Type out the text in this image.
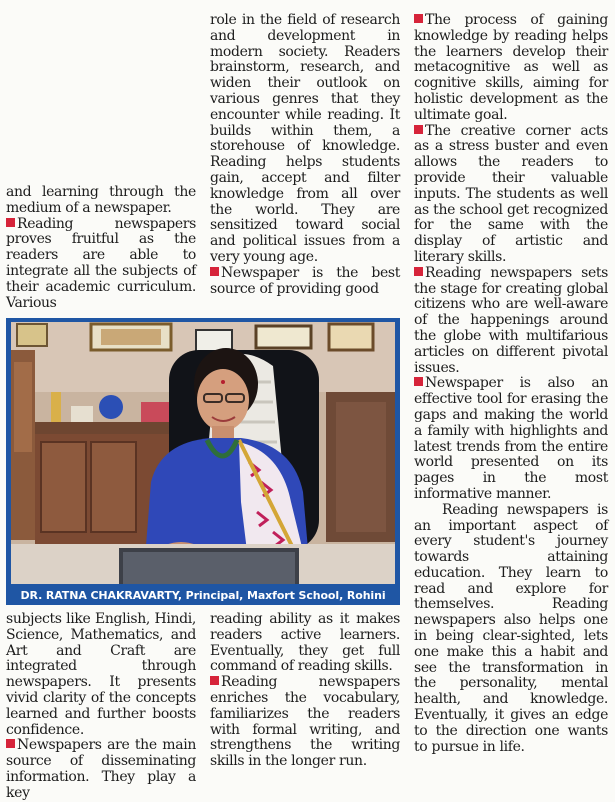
and learning through the medium of a newspaper.

Reading newspapers proves fruitful as the readers are able to integrate all the subjects of their academic curriculum. Various

role in the field of research and development in modern society. Readers brainstorm, research, and widen their outlook on various genres that they encounter while reading. It builds within them, a storehouse of knowledge. Reading helps students gain, accept and filter knowledge from all over the world. They are sensitized toward social and political issues from a very young age.

Newspaper is the best source of providing good

The process of gaining knowledge by reading helps the learners develop their metacognitive as well as cognitive skills, aiming for holistic development as the ultimate goal.

The creative corner acts as a stress buster and even allows the readers to provide their valuable inputs. The students as well as the school get recognized for the same with the display of artistic and literary skills.

Reading newspapers sets the stage for creating global citizens who are well-aware of the happenings around the globe with multifarious articles on different pivotal issues.

Newspaper is also an effective tool for erasing the gaps and making the world a family with highlights and latest trends from the entire world presented on its pages in the most informative manner.

Reading newspapers is an important aspect of every student's journey towards attaining education. They learn to read and explore for themselves. Reading newspapers also helps one in being clear-sighted, lets one make this a habit and see the transformation in the personality, mental health, and knowledge. Eventually, it gives an edge to the direction one wants to pursue in life.

DR. RATNA CHAKRAVARTY, Principal, Maxfort School, Rohini

subjects like English, Hindi, Science, Mathematics, and Art and Craft are integrated through newspapers. It presents vivid clarity of the concepts learned and further boosts confidence.

Newspapers are the main source of disseminating information. They play a key

reading ability as it makes readers active learners. Eventually, they get full command of reading skills.

Reading newspapers enriches the vocabulary, familiarizes the readers with formal writing, and strengthens the writing skills in the longer run.
